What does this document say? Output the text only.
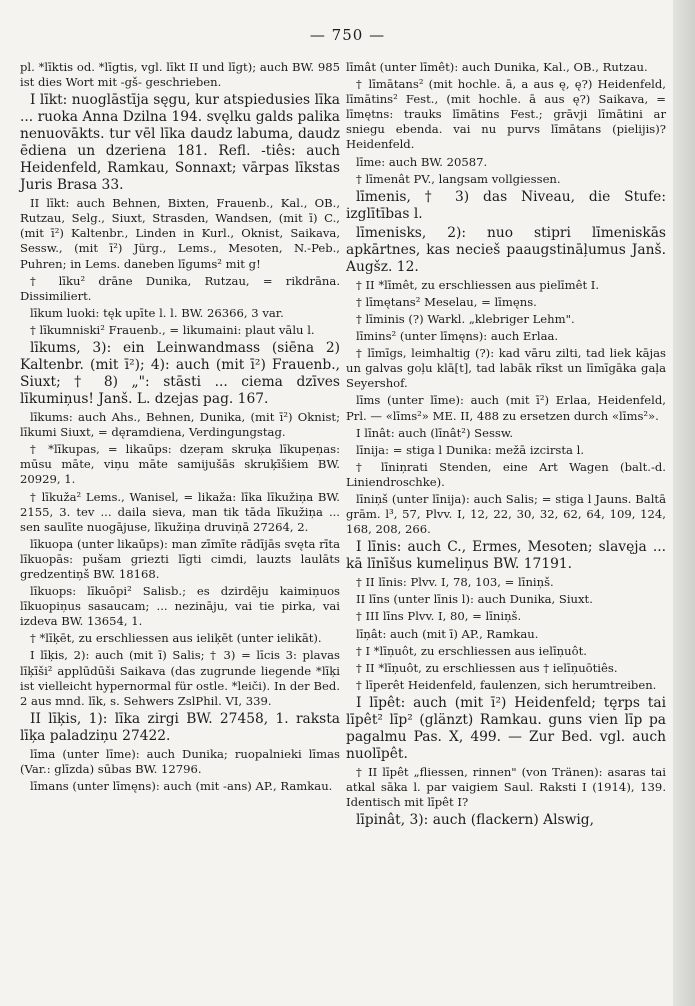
— 750 —

pl. *līktis od. *līgtis, vgl. līkt II und līgt); auch BW. 985 ist dies Wort mit -gš- geschrieben.

I līkt: nuoglāstīja sęgu, kur atspiedusies līka ... ruoka Anna Dzilna 194. svęlku galds palika nenuovākts. tur vēl līka daudz labuma, daudz ēdiena un dzeriena 181. Refl. -tiês: auch Heidenfeld, Ramkau, Sonnaxt; vārpas līkstas Juris Brasa 33.

II līkt: auch Behnen, Bixten, Frauenb., Kal., OB., Rutzau, Selg., Siuxt, Strasden, Wandsen, (mit ī) C., (mit ī²) Kaltenbr., Linden in Kurl., Oknist, Saikava, Sessw., (mit ī²) Jürg., Lems., Mesoten, N.-Peb., Puhren; in Lems. daneben līgums² mit g!

† līku² drāne Dunika, Rutzau, = rikdrāna. Dissimiliert.

līkum luoki: tęk upīte l. l. BW. 26366, 3 var.

† līkumniski² Frauenb., = likumaini: plaut vālu l.

līkums, 3): ein Leinwandmass (siēna 2) Kaltenbr. (mit ī²); 4): auch (mit ī²) Frauenb., Siuxt; † 8) „": stāsti ... ciema dzīves līkumiņus! Janš. L. dzejas pag. 167.

līkums: auch Ahs., Behnen, Dunika, (mit ī²) Oknist; līkumi Siuxt, = dęramdiena, Verdingungstag.

† *līkupas, = likaūps: dzeŗam skruķa līkupeņas: mūsu māte, viņu māte samijušās skruķīšiem BW. 20929, 1.

† līkuža² Lems., Wanisel, = likaža: līka līkužiņa BW. 2155, 3. tev ... daila sieva, man tik tāda līkužiņa ... sen saulīte nuogājuse, līkužiņa druviņā 27264, 2.

līkuopa (unter likaūps): man zīmīte rādījās svęta rīta līkuopās: pušam griezti līgti cimdi, lauzts laulāts gredzentiņš BW. 18168.

līkuops: līkuōpi² Salisb.; es dzirdēju kaimiņuos līkuopiņus sasaucam; ... nezināju, vai tie pirka, vai izdeva BW. 13654, 1.

† *līķēt, zu erschliessen aus ieliķēt (unter ielikāt).

I līķis, 2): auch (mit ī) Salis; † 3) = līcis 3: plavas līķīši² applūdūši Saikava (das zugrunde liegende *līķi ist vielleicht hypernormal für ostle. *leiči). In der Bed. 2 aus mnd. līk, s. Sehwers ZslPhil. VI, 339.

II līķis, 1): līka zirgi BW. 27458, 1. raksta līķa paladziņu 27422.

līma (unter līme): auch Dunika; ruopalnieki līmas (Var.: glīzda) sūbas BW. 12796.

līmans (unter līmęns): auch (mit -ans) AP., Ramkau.

līmât (unter līmêt): auch Dunika, Kal., OB., Rutzau.

† līmātans² (mit hochle. ā, a aus ę, ę?) Heidenfeld, līmātins² Fest., (mit hochle. ā aus ę?) Saikava, = līmętns: trauks līmātins Fest.; grāvji līmātini ar sniegu ebenda. vai nu purvs līmātans (pielijis)? Heidenfeld.

līme: auch BW. 20587.

† līmenât PV., langsam vollgiessen.

līmenis, † 3) das Niveau, die Stufe: izglītības l.

līmenisks, 2): nuo stipri līmeniskās apkārtnes, kas necieš paaugstināļumus Janš. Augšz. 12.

† II *līmêt, zu erschliessen aus pielīmêt I.

† līmętans² Meselau, = līmęns.

† līminis (?) Warkl. „klebriger Lehm".

līmins² (unter līmęns): auch Erlaa.

† līmīgs, leimhaltig (?): kad vāru zilti, tad liek kājas un galvas goļu klā[t], tad labāk rīkst un līmīgāka gaļa Seyershof.

līms (unter līme): auch (mit ī²) Erlaa, Heidenfeld, Prl. — «līms²» ME. II, 488 zu ersetzen durch «līms²».

I līnât: auch (līnât²) Sessw.

līnija: = stiga l Dunika: mežā izcirsta l.

† līniņrati Stenden, eine Art Wagen (balt.-d. Liniendroschke).

līniņš (unter līnija): auch Salis; = stiga l Jauns. Baltā grām. l³, 57, Plvv. I, 12, 22, 30, 32, 62, 64, 109, 124, 168, 208, 266.

I līnis: auch C., Ermes, Mesoten; slavęja ... kā līnīšus kumeliņus BW. 17191.

† II līnis: Plvv. I, 78, 103, = līniņš.

II līns (unter līnis l): auch Dunika, Siuxt.

† III līns Plvv. I, 80, = līniņš.

līņât: auch (mit ī) AP., Ramkau.

† I *līņuôt, zu erschliessen aus ielīņuôt.

† II *līņuôt, zu erschliessen aus † ielīņuōtiês.

† līperêt Heidenfeld, faulenzen, sich herumtreiben.

I līpêt: auch (mit ī²) Heidenfeld; tęrps tai līpêt² līp² (glänzt) Ramkau. guns vien līp pa pagalmu Pas. X, 499. — Zur Bed. vgl. auch nuolīpêt.

† II līpêt „fliessen, rinnen" (von Tränen): asaras tai atkal sāka l. par vaigiem Saul. Raksti I (1914), 139. Identisch mit līpêt I?

līpinât, 3): auch (flackern) Alswig,
